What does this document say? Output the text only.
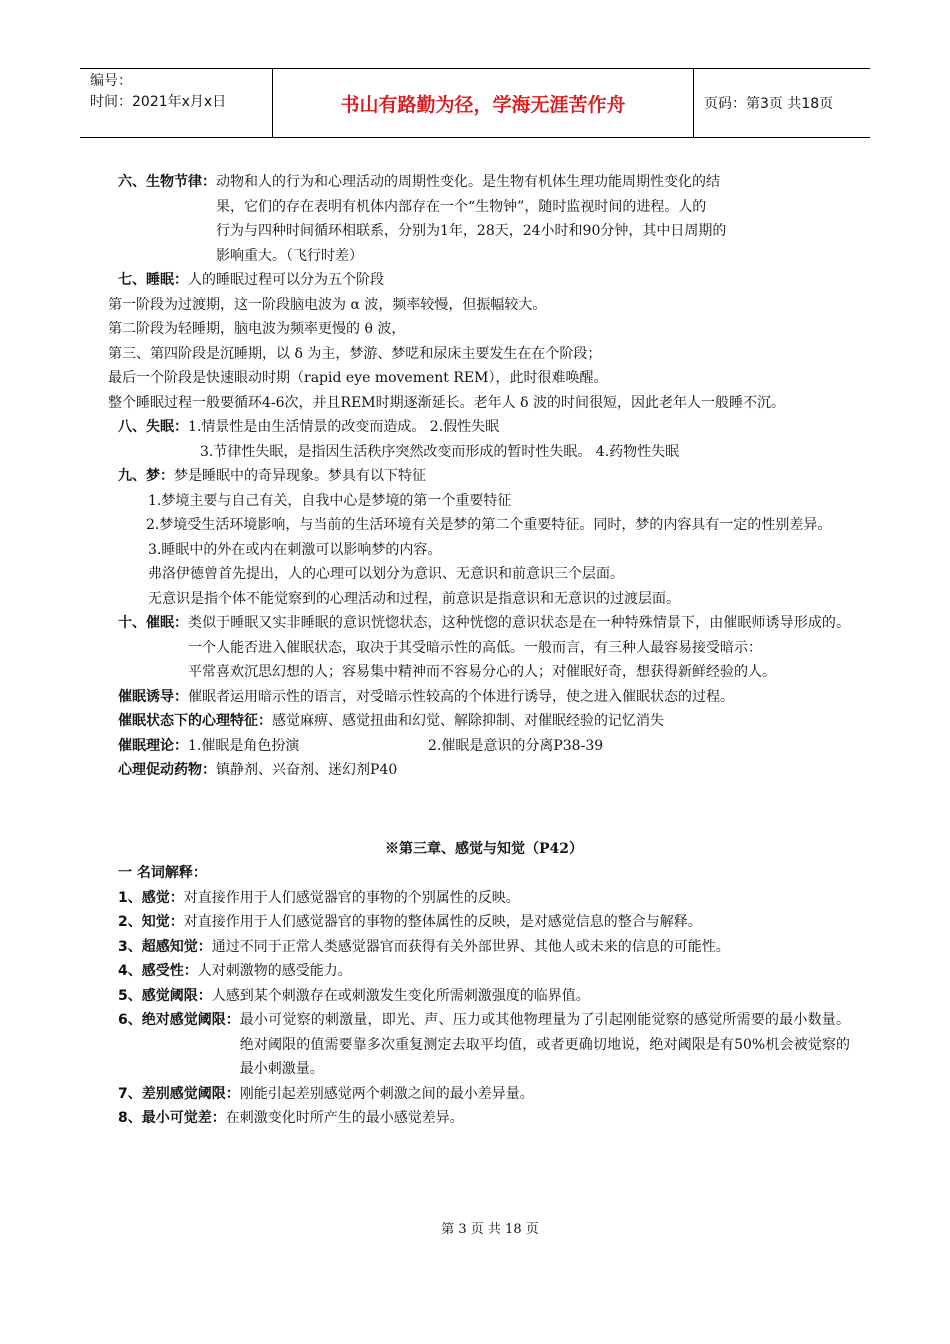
编号：
时间：2021年x月x日	书山有路勤为径，学海无涯苦作舟	页码：第3页 共18页
六、生物节律： 动物和人的行为和心理活动的周期性变化。是生物有机体生理功能周期性变化的结
果，它们的存在表明有机体内部存在一个“生物钟”，随时监视时间的进程。人的
行为与四种时间循环相联系，分别为1年，28天，24小时和90分钟，其中日周期的
影响重大。（飞行时差）

七、睡眠：人的睡眠过程可以分为五个阶段

第一阶段为过渡期，这一阶段脑电波为 α 波，频率较慢，但振幅较大。

第二阶段为轻睡期，脑电波为频率更慢的 θ 波，

第三、第四阶段是沉睡期，以 δ 为主，梦游、梦呓和尿床主要发生在在个阶段；

最后一个阶段是快速眼动时期（rapid eye movement REM），此时很难唤醒。

整个睡眠过程一般要循环4-6次，并且REM时期逐渐延长。老年人 δ 波的时间很短，因此老年人一般睡不沉。

八、失眠：1.情景性是由生活情景的改变而造成。 2.假性失眠

3.节律性失眠，是指因生活秩序突然改变而形成的暂时性失眠。 4.药物性失眠

九、梦：梦是睡眠中的奇异现象。梦具有以下特征

1.梦境主要与自己有关，自我中心是梦境的第一个重要特征

2.梦境受生活环境影响，与当前的生活环境有关是梦的第二个重要特征。同时，梦的内容具有一定的性别差异。

3.睡眠中的外在或内在刺激可以影响梦的内容。

弗洛伊德曾首先提出，人的心理可以划分为意识、无意识和前意识三个层面。

无意识是指个体不能觉察到的心理活动和过程，前意识是指意识和无意识的过渡层面。

十、催眠： 类似于睡眠又实非睡眠的意识恍惚状态，这种恍惚的意识状态是在一种特殊情景下，由催眠师诱导形成的。 一个人能否进入催眠状态，取决于其受暗示性的高低。一般而言，有三种人最容易接受暗示：
平常喜欢沉思幻想的人；容易集中精神而不容易分心的人；对催眠好奇，想获得新鲜经验的人。

催眠诱导：催眠者运用暗示性的语言，对受暗示性较高的个体进行诱导，使之进入催眠状态的过程。

催眠状态下的心理特征：感觉麻痹、感觉扭曲和幻觉、解除抑制、对催眠经验的记忆消失

催眠理论：1.催眠是角色扮演	2.催眠是意识的分离P38-39

心理促动药物：镇静剂、兴奋剂、迷幻剂P40

※第三章、感觉与知觉（P42）

一 名词解释：

1、感觉： 对直接作用于人们感觉器官的事物的个别属性的反映。
2、知觉： 对直接作用于人们感觉器官的事物的整体属性的反映，是对感觉信息的整合与解释。
3、超感知觉： 通过不同于正常人类感觉器官而获得有关外部世界、其他人或未来的信息的可能性。
4、感受性： 人对刺激物的感受能力。
5、感觉阈限： 人感到某个刺激存在或刺激发生变化所需刺激强度的临界值。
6、绝对感觉阈限： 最小可觉察的刺激量，即光、声、压力或其他物理量为了引起刚能觉察的感觉所需要的最小数量。绝对阈限的值需要靠多次重复测定去取平均值，或者更确切地说，绝对阈限是有50%机会被觉察的最小刺激量。
7、差别感觉阈限： 刚能引起差别感觉两个刺激之间的最小差异量。
8、最小可觉差： 在刺激变化时所产生的最小感觉差异。
第 3 页 共 18 页
